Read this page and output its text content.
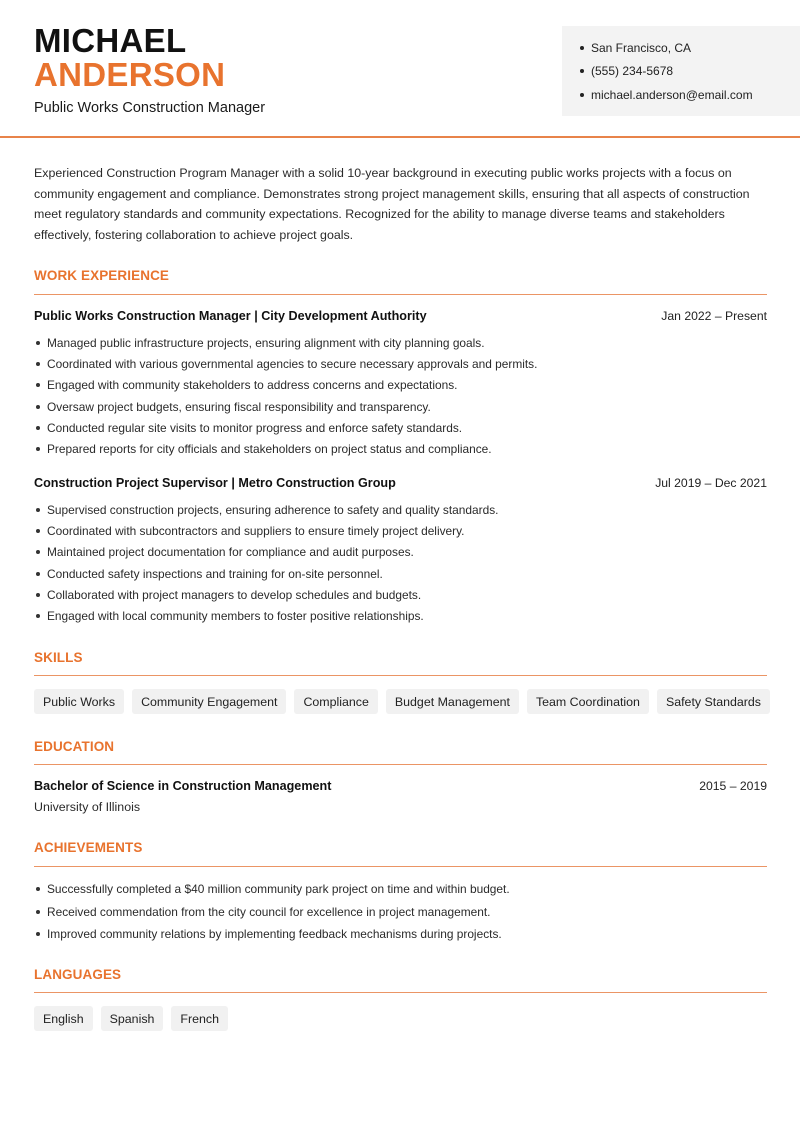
MICHAEL
ANDERSON
Public Works Construction Manager
San Francisco, CA
(555) 234-5678
michael.anderson@email.com
Experienced Construction Program Manager with a solid 10-year background in executing public works projects with a focus on community engagement and compliance. Demonstrates strong project management skills, ensuring that all aspects of construction meet regulatory standards and community expectations. Recognized for the ability to manage diverse teams and stakeholders effectively, fostering collaboration to achieve project goals.
WORK EXPERIENCE
Public Works Construction Manager | City Development Authority	Jan 2022 – Present
Managed public infrastructure projects, ensuring alignment with city planning goals.
Coordinated with various governmental agencies to secure necessary approvals and permits.
Engaged with community stakeholders to address concerns and expectations.
Oversaw project budgets, ensuring fiscal responsibility and transparency.
Conducted regular site visits to monitor progress and enforce safety standards.
Prepared reports for city officials and stakeholders on project status and compliance.
Construction Project Supervisor | Metro Construction Group	Jul 2019 – Dec 2021
Supervised construction projects, ensuring adherence to safety and quality standards.
Coordinated with subcontractors and suppliers to ensure timely project delivery.
Maintained project documentation for compliance and audit purposes.
Conducted safety inspections and training for on-site personnel.
Collaborated with project managers to develop schedules and budgets.
Engaged with local community members to foster positive relationships.
SKILLS
Public Works	Community Engagement	Compliance	Budget Management	Team Coordination	Safety Standards
EDUCATION
Bachelor of Science in Construction Management	2015 – 2019
University of Illinois
ACHIEVEMENTS
Successfully completed a $40 million community park project on time and within budget.
Received commendation from the city council for excellence in project management.
Improved community relations by implementing feedback mechanisms during projects.
LANGUAGES
English	Spanish	French
